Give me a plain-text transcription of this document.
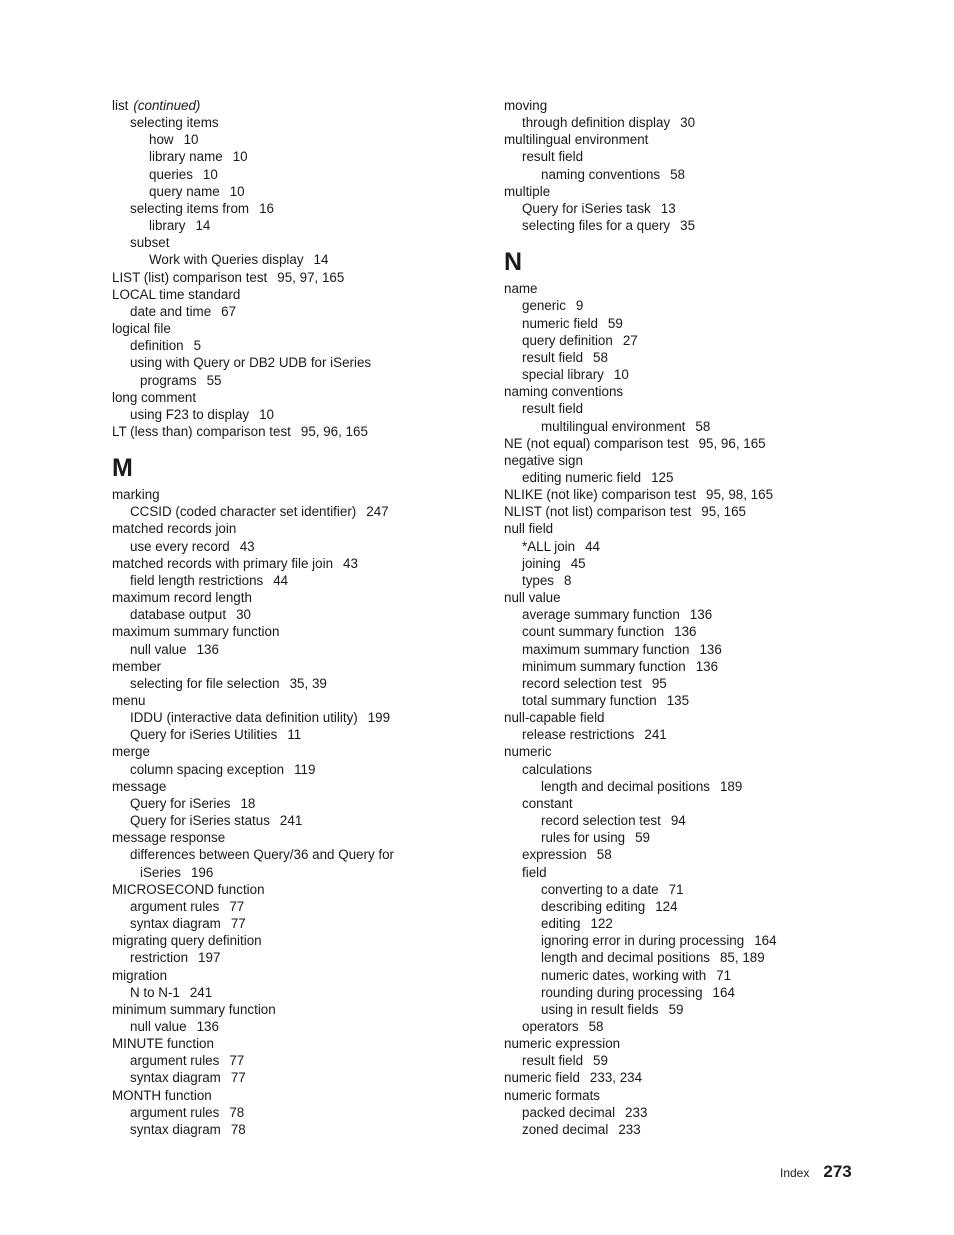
list (continued)
selecting items
how 10
library name 10
queries 10
query name 10
selecting items from 16
library 14
subset
Work with Queries display 14
LIST (list) comparison test 95, 97, 165
LOCAL time standard
date and time 67
logical file
definition 5
using with Query or DB2 UDB for iSeries
programs 55
long comment
using F23 to display 10
LT (less than) comparison test 95, 96, 165
M
marking
CCSID (coded character set identifier) 247
matched records join
use every record 43
matched records with primary file join 43
field length restrictions 44
maximum record length
database output 30
maximum summary function
null value 136
member
selecting for file selection 35, 39
menu
IDDU (interactive data definition utility) 199
Query for iSeries Utilities 11
merge
column spacing exception 119
message
Query for iSeries 18
Query for iSeries status 241
message response
differences between Query/36 and Query for
iSeries 196
MICROSECOND function
argument rules 77
syntax diagram 77
migrating query definition
restriction 197
migration
N to N-1 241
minimum summary function
null value 136
MINUTE function
argument rules 77
syntax diagram 77
MONTH function
argument rules 78
syntax diagram 78
moving
through definition display 30
multilingual environment
result field
naming conventions 58
multiple
Query for iSeries task 13
selecting files for a query 35
N
name
generic 9
numeric field 59
query definition 27
result field 58
special library 10
naming conventions
result field
multilingual environment 58
NE (not equal) comparison test 95, 96, 165
negative sign
editing numeric field 125
NLIKE (not like) comparison test 95, 98, 165
NLIST (not list) comparison test 95, 165
null field
*ALL join 44
joining 45
types 8
null value
average summary function 136
count summary function 136
maximum summary function 136
minimum summary function 136
record selection test 95
total summary function 135
null-capable field
release restrictions 241
numeric
calculations
length and decimal positions 189
constant
record selection test 94
rules for using 59
expression 58
field
converting to a date 71
describing editing 124
editing 122
ignoring error in during processing 164
length and decimal positions 85, 189
numeric dates, working with 71
rounding during processing 164
using in result fields 59
operators 58
numeric expression
result field 59
numeric field 233, 234
numeric formats
packed decimal 233
zoned decimal 233
Index 273
